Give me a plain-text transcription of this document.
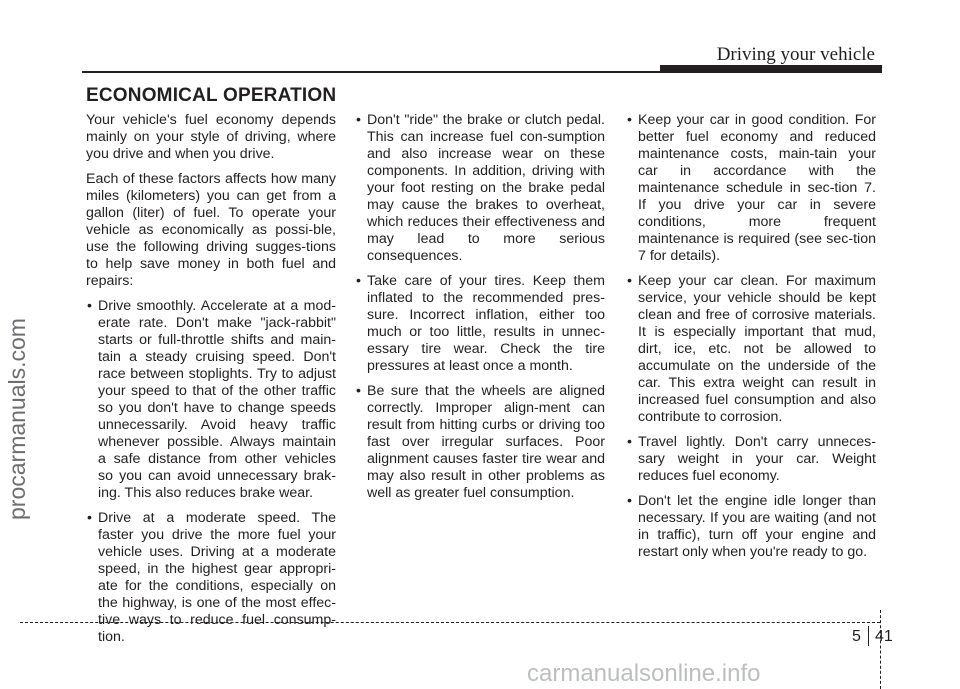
Driving your vehicle
ECONOMICAL OPERATION

Your vehicle's fuel economy depends mainly on your style of driving, where you drive and when you drive.

Each of these factors affects how many miles (kilometers) you can get from a gallon (liter) of fuel. To operate your vehicle as economically as possi-ble, use the following driving sugges-tions to help save money in both fuel and repairs:

• Drive smoothly. Accelerate at a mod-erate rate. Don't make "jack-rabbit" starts or full-throttle shifts and main-tain a steady cruising speed. Don't race between stoplights. Try to adjust your speed to that of the other traffic so you don't have to change speeds unnecessarily. Avoid heavy traffic whenever possible. Always maintain a safe distance from other vehicles so you can avoid unnecessary brak-ing. This also reduces brake wear.
• Drive at a moderate speed. The faster you drive the more fuel your vehicle uses. Driving at a moderate speed, in the highest gear appropri-ate for the conditions, especially on the highway, is one of the most effec-tive ways to reduce fuel consump-tion.
• Don't "ride" the brake or clutch pedal. This can increase fuel con-sumption and also increase wear on these components. In addition, driving with your foot resting on the brake pedal may cause the brakes to overheat, which reduces their effectiveness and may lead to more serious consequences.
• Take care of your tires. Keep them inflated to the recommended pres-sure. Incorrect inflation, either too much or too little, results in unnec-essary tire wear. Check the tire pressures at least once a month.
• Be sure that the wheels are aligned correctly. Improper align-ment can result from hitting curbs or driving too fast over irregular surfaces. Poor alignment causes faster tire wear and may also result in other problems as well as greater fuel consumption.
• Keep your car in good condition. For better fuel economy and reduced maintenance costs, main-tain your car in accordance with the maintenance schedule in sec-tion 7. If you drive your car in severe conditions, more frequent maintenance is required (see sec-tion 7 for details).
• Keep your car clean. For maximum service, your vehicle should be kept clean and free of corrosive materials. It is especially important that mud, dirt, ice, etc. not be allowed to accumulate on the underside of the car. This extra weight can result in increased fuel consumption and also contribute to corrosion.
• Travel lightly. Don't carry unneces-sary weight in your car. Weight reduces fuel economy.
• Don't let the engine idle longer than necessary. If you are waiting (and not in traffic), turn off your engine and restart only when you're ready to go.
procarmanuals.com
5 41
carmanualsonline.info
